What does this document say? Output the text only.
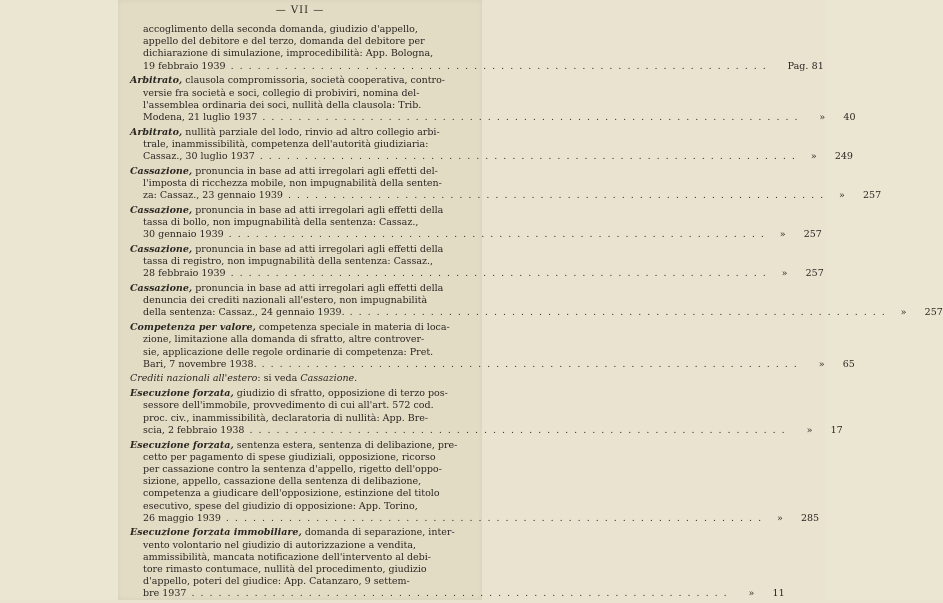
— VII —
accoglimento della seconda domanda, giudizio d'appello,
appello del debitore e del terzo, domanda del debitore per
dichiarazione di simulazione, improcedibilità: App. Bologna,
19 febbraio 1939 ............................................................	Pag. 81
Arbitrato, clausola compromissoria, società cooperativa, contro-
versie fra società e soci, collegio di probiviri, nomina del-
l'assemblea ordinaria dei soci, nullità della clausola: Trib.
Modena, 21 luglio 1937 ............................................................	» 40
Arbitrato, nullità parziale del lodo, rinvio ad altro collegio arbi-
trale, inammissibilità, competenza dell'autorità giudiziaria:
Cassaz., 30 luglio 1937 ............................................................	» 249
Cassazione, pronuncia in base ad atti irregolari agli effetti del-
l'imposta di ricchezza mobile, non impugnabilità della senten-
za: Cassaz., 23 gennaio 1939 ............................................................	» 257
Cassazione, pronuncia in base ad atti irregolari agli effetti della
tassa di bollo, non impugnabilità della sentenza: Cassaz.,
30 gennaio 1939 ............................................................	» 257
Cassazione, pronuncia in base ad atti irregolari agli effetti della
tassa di registro, non impugnabilità della sentenza: Cassaz.,
28 febbraio 1939 ............................................................	» 257
Cassazione, pronuncia in base ad atti irregolari agli effetti della
denuncia dei crediti nazionali all'estero, non impugnabilità
della sentenza: Cassaz., 24 gennaio 1939. ............................................................	» 257
Competenza per valore, competenza speciale in materia di loca-
zione, limitazione alla domanda di sfratto, altre controver-
sie, applicazione delle regole ordinarie di competenza: Pret.
Bari, 7 novembre 1938. ............................................................	» 65
Crediti nazionali all'estero: si veda Cassazione.
Esecuzione forzata, giudizio di sfratto, opposizione di terzo pos-
sessore dell'immobile, provvedimento di cui all'art. 572 cod.
proc. civ., inammissibilità, declaratoria di nullità: App. Bre-
scia, 2 febbraio 1938 ............................................................	» 17
Esecuzione forzata, sentenza estera, sentenza di delibazione, pre-
cetto per pagamento di spese giudiziali, opposizione, ricorso
per cassazione contro la sentenza d'appello, rigetto dell'oppo-
sizione, appello, cassazione della sentenza di delibazione,
competenza a giudicare dell'opposizione, estinzione del titolo
esecutivo, spese del giudizio di opposizione: App. Torino,
26 maggio 1939 ............................................................	» 285
Esecuzione forzata immobiliare, domanda di separazione, inter-
vento volontario nel giudizio di autorizzazione a vendita,
ammissibilità, mancata notificazione dell'intervento al debi-
tore rimasto contumace, nullità del procedimento, giudizio
d'appello, poteri del giudice: App. Catanzaro, 9 settem-
bre 1937 ............................................................	» 11
